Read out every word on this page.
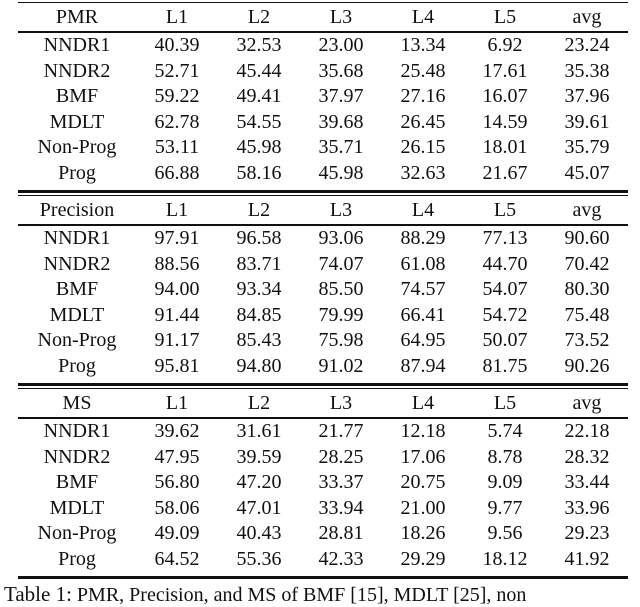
PMR	L1	L2	L3	L4	L5	avg
NNDR1	40.39	32.53	23.00	13.34	6.92	23.24
NNDR2	52.71	45.44	35.68	25.48	17.61	35.38
BMF	59.22	49.41	37.97	27.16	16.07	37.96
MDLT	62.78	54.55	39.68	26.45	14.59	39.61
Non-Prog	53.11	45.98	35.71	26.15	18.01	35.79
Prog	66.88	58.16	45.98	32.63	21.67	45.07
Precision	L1	L2	L3	L4	L5	avg
NNDR1	97.91	96.58	93.06	88.29	77.13	90.60
NNDR2	88.56	83.71	74.07	61.08	44.70	70.42
BMF	94.00	93.34	85.50	74.57	54.07	80.30
MDLT	91.44	84.85	79.99	66.41	54.72	75.48
Non-Prog	91.17	85.43	75.98	64.95	50.07	73.52
Prog	95.81	94.80	91.02	87.94	81.75	90.26
MS	L1	L2	L3	L4	L5	avg
NNDR1	39.62	31.61	21.77	12.18	5.74	22.18
NNDR2	47.95	39.59	28.25	17.06	8.78	28.32
BMF	56.80	47.20	33.37	20.75	9.09	33.44
MDLT	58.06	47.01	33.94	21.00	9.77	33.96
Non-Prog	49.09	40.43	28.81	18.26	9.56	29.23
Prog	64.52	55.36	42.33	29.29	18.12	41.92
Table 1: PMR, Precision, and MS of BMF [15], MDLT [25], non
